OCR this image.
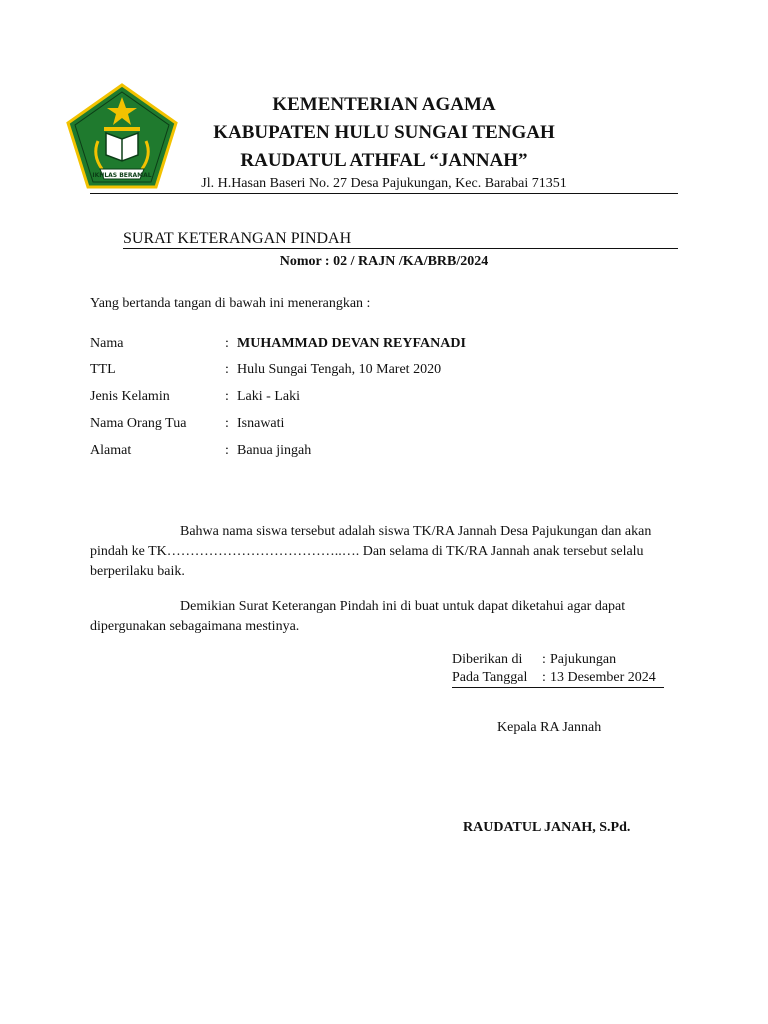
IKHLAS BERAMAL
KEMENTERIAN AGAMA
KABUPATEN HULU SUNGAI TENGAH
RAUDATUL ATHFAL “JANNAH”
Jl. H.Hasan Baseri No. 27 Desa Pajukungan, Kec. Barabai 71351
SURAT KETERANGAN PINDAH
Nomor : 02 / RAJN /KA/BRB/2024
Yang bertanda tangan di bawah ini menerangkan :
Nama	: MUHAMMAD DEVAN REYFANADI
TTL	: Hulu Sungai Tengah, 10 Maret 2020
Jenis Kelamin	: Laki - Laki
Nama Orang Tua	: Isnawati
Alamat	: Banua jingah
Bahwa nama siswa tersebut adalah siswa TK/RA Jannah Desa Pajukungan dan akan pindah ke TK………………………………..…. Dan selama di TK/RA Jannah anak tersebut selalu berperilaku baik.
Demikian Surat Keterangan Pindah ini di buat untuk dapat diketahui agar dapat dipergunakan sebagaimana mestinya.
Diberikan di : Pajukungan
Pada Tanggal : 13 Desember 2024
Kepala RA Jannah
RAUDATUL JANAH, S.Pd.
